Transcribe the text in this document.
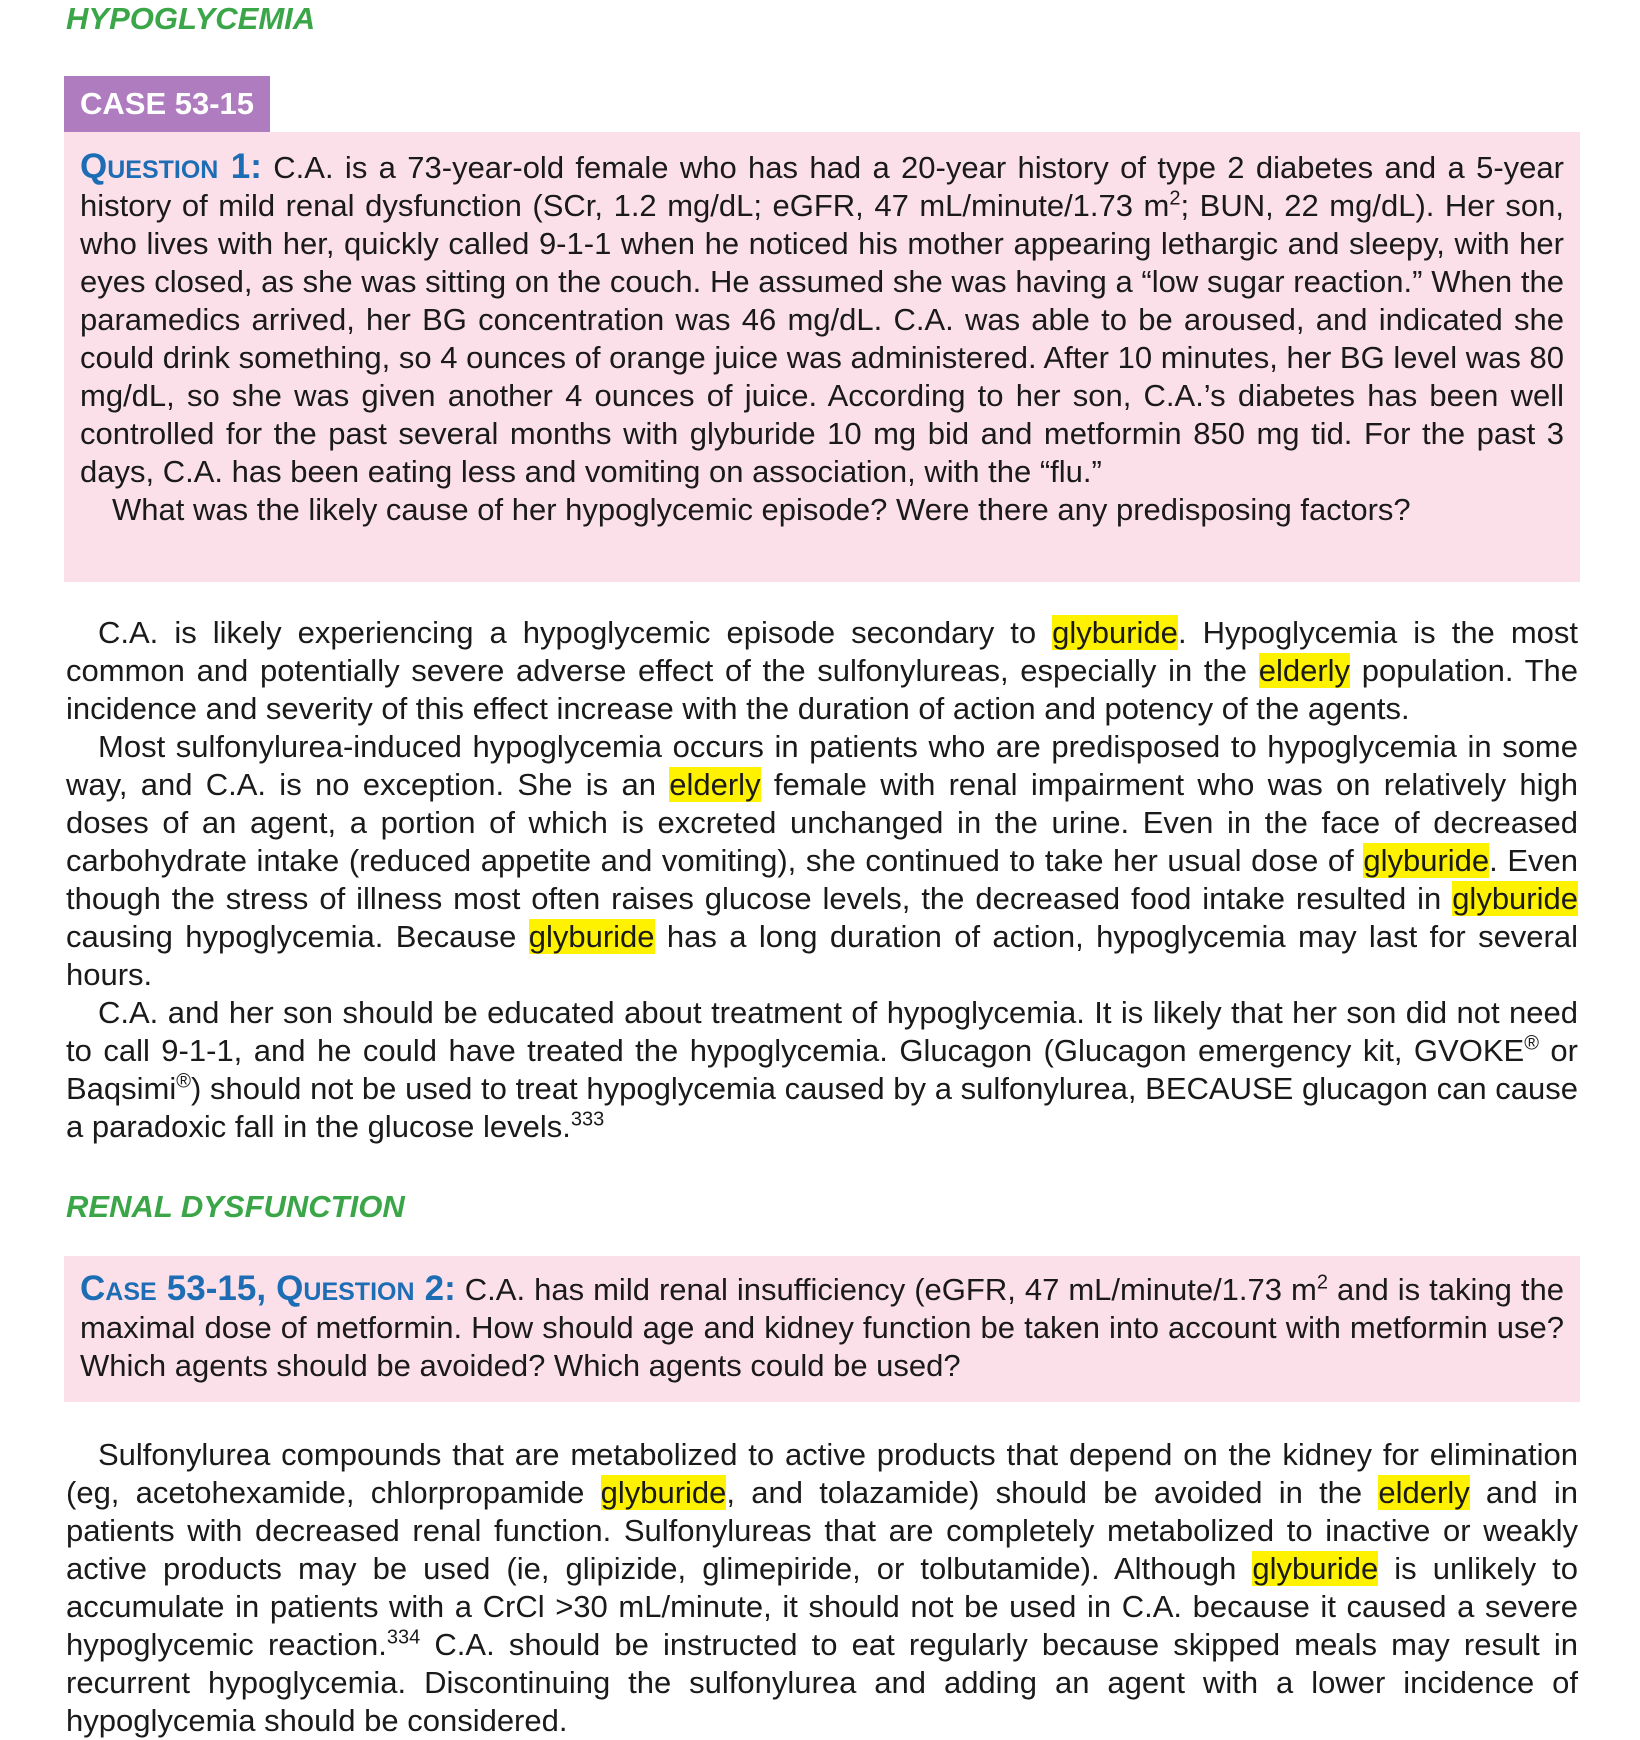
HYPOGLYCEMIA
CASE 53-15

Question 1: C.A. is a 73-year-old female who has had a 20-year history of type 2 diabetes and a 5-year history of mild renal dysfunction (SCr, 1.2 mg/dL; eGFR, 47 mL/minute/1.73 $m^2$; BUN, 22 mg/dL). Her son, who lives with her, quickly called 9-1-1 when he noticed his mother appearing lethargic and sleepy, with her eyes closed, as she was sitting on the couch. He assumed she was having a “low sugar reaction.” When the paramedics arrived, her BG concentration was 46 mg/dL. C.A. was able to be aroused, and indicated she could drink something, so 4 ounces of orange juice was administered. After 10 minutes, her BG level was 80 mg/dL, so she was given another 4 ounces of juice. According to her son, C.A.’s diabetes has been well controlled for the past several months with glyburide 10 mg bid and metformin 850 mg tid. For the past 3 days, C.A. has been eating less and vomiting on association, with the “flu.”

What was the likely cause of her hypoglycemic episode? Were there any predisposing factors?

C.A. is likely experiencing a hypoglycemic episode secondary to glyburide. Hypoglycemia is the most common and potentially severe adverse effect of the sulfonylureas, especially in the elderly population. The incidence and severity of this effect increase with the duration of action and potency of the agents.

Most sulfonylurea-induced hypoglycemia occurs in patients who are predisposed to hypoglycemia in some way, and C.A. is no exception. She is an elderly female with renal impairment who was on relatively high doses of an agent, a portion of which is excreted unchanged in the urine. Even in the face of decreased carbohydrate intake (reduced appetite and vomiting), she continued to take her usual dose of glyburide. Even though the stress of illness most often raises glucose levels, the decreased food intake resulted in glyburide causing hypoglycemia. Because glyburide has a long duration of action, hypoglycemia may last for several hours.

C.A. and her son should be educated about treatment of hypoglycemia. It is likely that her son did not need to call 9-1-1, and he could have treated the hypoglycemia. Glucagon (Glucagon emergency kit, GVOKE® or Baqsimi®) should not be used to treat hypoglycemia caused by a sulfonylurea, BECAUSE glucagon can cause a paradoxic fall in the glucose levels.$^{333}$

RENAL DYSFUNCTION

Case 53-15, Question 2: C.A. has mild renal insufficiency (eGFR, 47 mL/minute/1.73 $m^2$ and is taking the maximal dose of metformin. How should age and kidney function be taken into account with metformin use? Which agents should be avoided? Which agents could be used?

Sulfonylurea compounds that are metabolized to active products that depend on the kidney for elimination (eg, acetohexamide, chlorpropamide glyburide, and tolazamide) should be avoided in the elderly and in patients with decreased renal function. Sulfonylureas that are completely metabolized to inactive or weakly active products may be used (ie, glipizide, glimepiride, or tolbutamide). Although glyburide is unlikely to accumulate in patients with a CrCl >30 mL/minute, it should not be used in C.A. because it caused a severe hypoglycemic reaction.$^{334}$ C.A. should be instructed to eat regularly because skipped meals may result in recurrent hypoglycemia. Discontinuing the sulfonylurea and adding an agent with a lower incidence of hypoglycemia should be considered.
